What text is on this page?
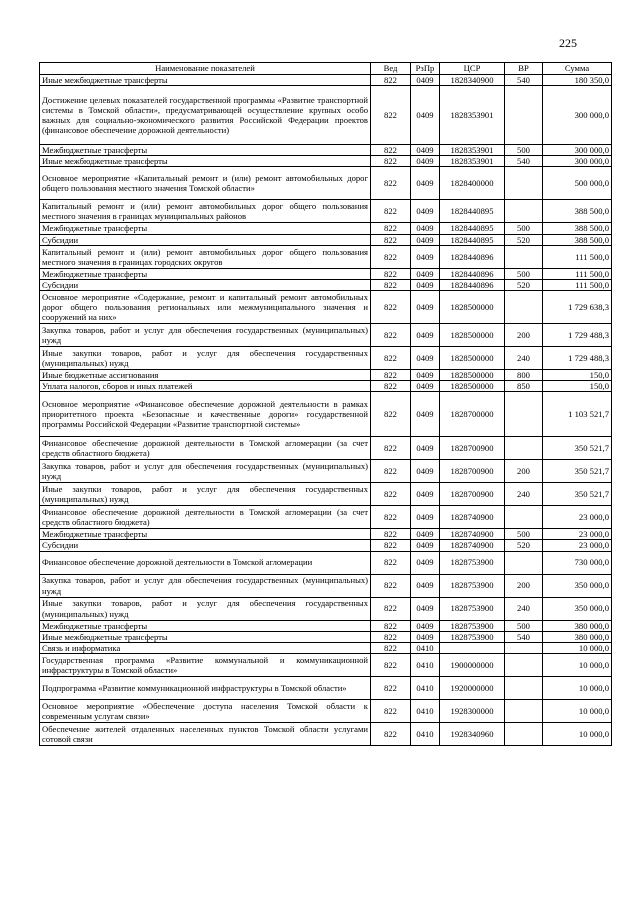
225
Наименование показателей	Вед	РзПр	ЦСР	ВР	Сумма
Иные межбюджетные трансферты	822	0409	1828340900	540	180 350,0
Достижение целевых показателей государственной программы «Развитие транспортной системы в Томской области», предусматривающей осуществление крупных особо важных для социально-экономического развития Российской Федерации проектов (финансовое обеспечение дорожной деятельности)	822	0409	182835З901		300 000,0
Межбюджетные трансферты	822	0409	182835З901	500	300 000,0
Иные межбюджетные трансферты	822	0409	182835З901	540	300 000,0
Основное мероприятие «Капитальный ремонт и (или) ремонт автомобильных дорог общего пользования местного значения Томской области»	822	0409	1828400000		500 000,0
Капитальный ремонт и (или) ремонт автомобильных дорог общего пользования местного значения в границах муниципальных районов	822	0409	1828440895		388 500,0
Межбюджетные трансферты	822	0409	1828440895	500	388 500,0
Субсидии	822	0409	1828440895	520	388 500,0
Капитальный ремонт и (или) ремонт автомобильных дорог общего пользования местного значения в границах городских округов	822	0409	1828440896		111 500,0
Межбюджетные трансферты	822	0409	1828440896	500	111 500,0
Субсидии	822	0409	1828440896	520	111 500,0
Основное мероприятие «Содержание, ремонт и капитальный ремонт автомобильных дорог общего пользования региональных или межмуниципального значения и сооружений на них»	822	0409	1828500000		1 729 638,3
Закупка товаров, работ и услуг для обеспечения государственных (муниципальных) нужд	822	0409	1828500000	200	1 729 488,3
Иные закупки товаров, работ и услуг для обеспечения государственных (муниципальных) нужд	822	0409	1828500000	240	1 729 488,3
Иные бюджетные ассигнования	822	0409	1828500000	800	150,0
Уплата налогов, сборов и иных платежей	822	0409	1828500000	850	150,0
Основное мероприятие «Финансовое обеспечение дорожной деятельности в рамках приоритетного проекта «Безопасные и качественные дороги» государственной программы Российской Федерации «Развитие транспортной системы»	822	0409	1828700000		1 103 521,7
Финансовое обеспечение дорожной деятельности в Томской агломерации (за счет средств областного бюджета)	822	0409	1828700900		350 521,7
Закупка товаров, работ и услуг для обеспечения государственных (муниципальных) нужд	822	0409	1828700900	200	350 521,7
Иные закупки товаров, работ и услуг для обеспечения государственных (муниципальных) нужд	822	0409	1828700900	240	350 521,7
Финансовое обеспечение дорожной деятельности в Томской агломерации (за счет средств областного бюджета)	822	0409	1828740900		23 000,0
Межбюджетные трансферты	822	0409	1828740900	500	23 000,0
Субсидии	822	0409	1828740900	520	23 000,0
Финансовое обеспечение дорожной деятельности в Томской агломерации	822	0409	1828753900		730 000,0
Закупка товаров, работ и услуг для обеспечения государственных (муниципальных) нужд	822	0409	1828753900	200	350 000,0
Иные закупки товаров, работ и услуг для обеспечения государственных (муниципальных) нужд	822	0409	1828753900	240	350 000,0
Межбюджетные трансферты	822	0409	1828753900	500	380 000,0
Иные межбюджетные трансферты	822	0409	1828753900	540	380 000,0
Связь и информатика	822	0410			10 000,0
Государственная программа «Развитие коммунальной и коммуникационной инфраструктуры в Томской области»	822	0410	1900000000		10 000,0
Подпрограмма «Развитие коммуникационной инфраструктуры в Томской области»	822	0410	1920000000		10 000,0
Основное мероприятие «Обеспечение доступа населения Томской области к современным услугам связи»	822	0410	1928300000		10 000,0
Обеспечение жителей отдаленных населенных пунктов Томской области услугами сотовой связи	822	0410	1928340960		10 000,0
